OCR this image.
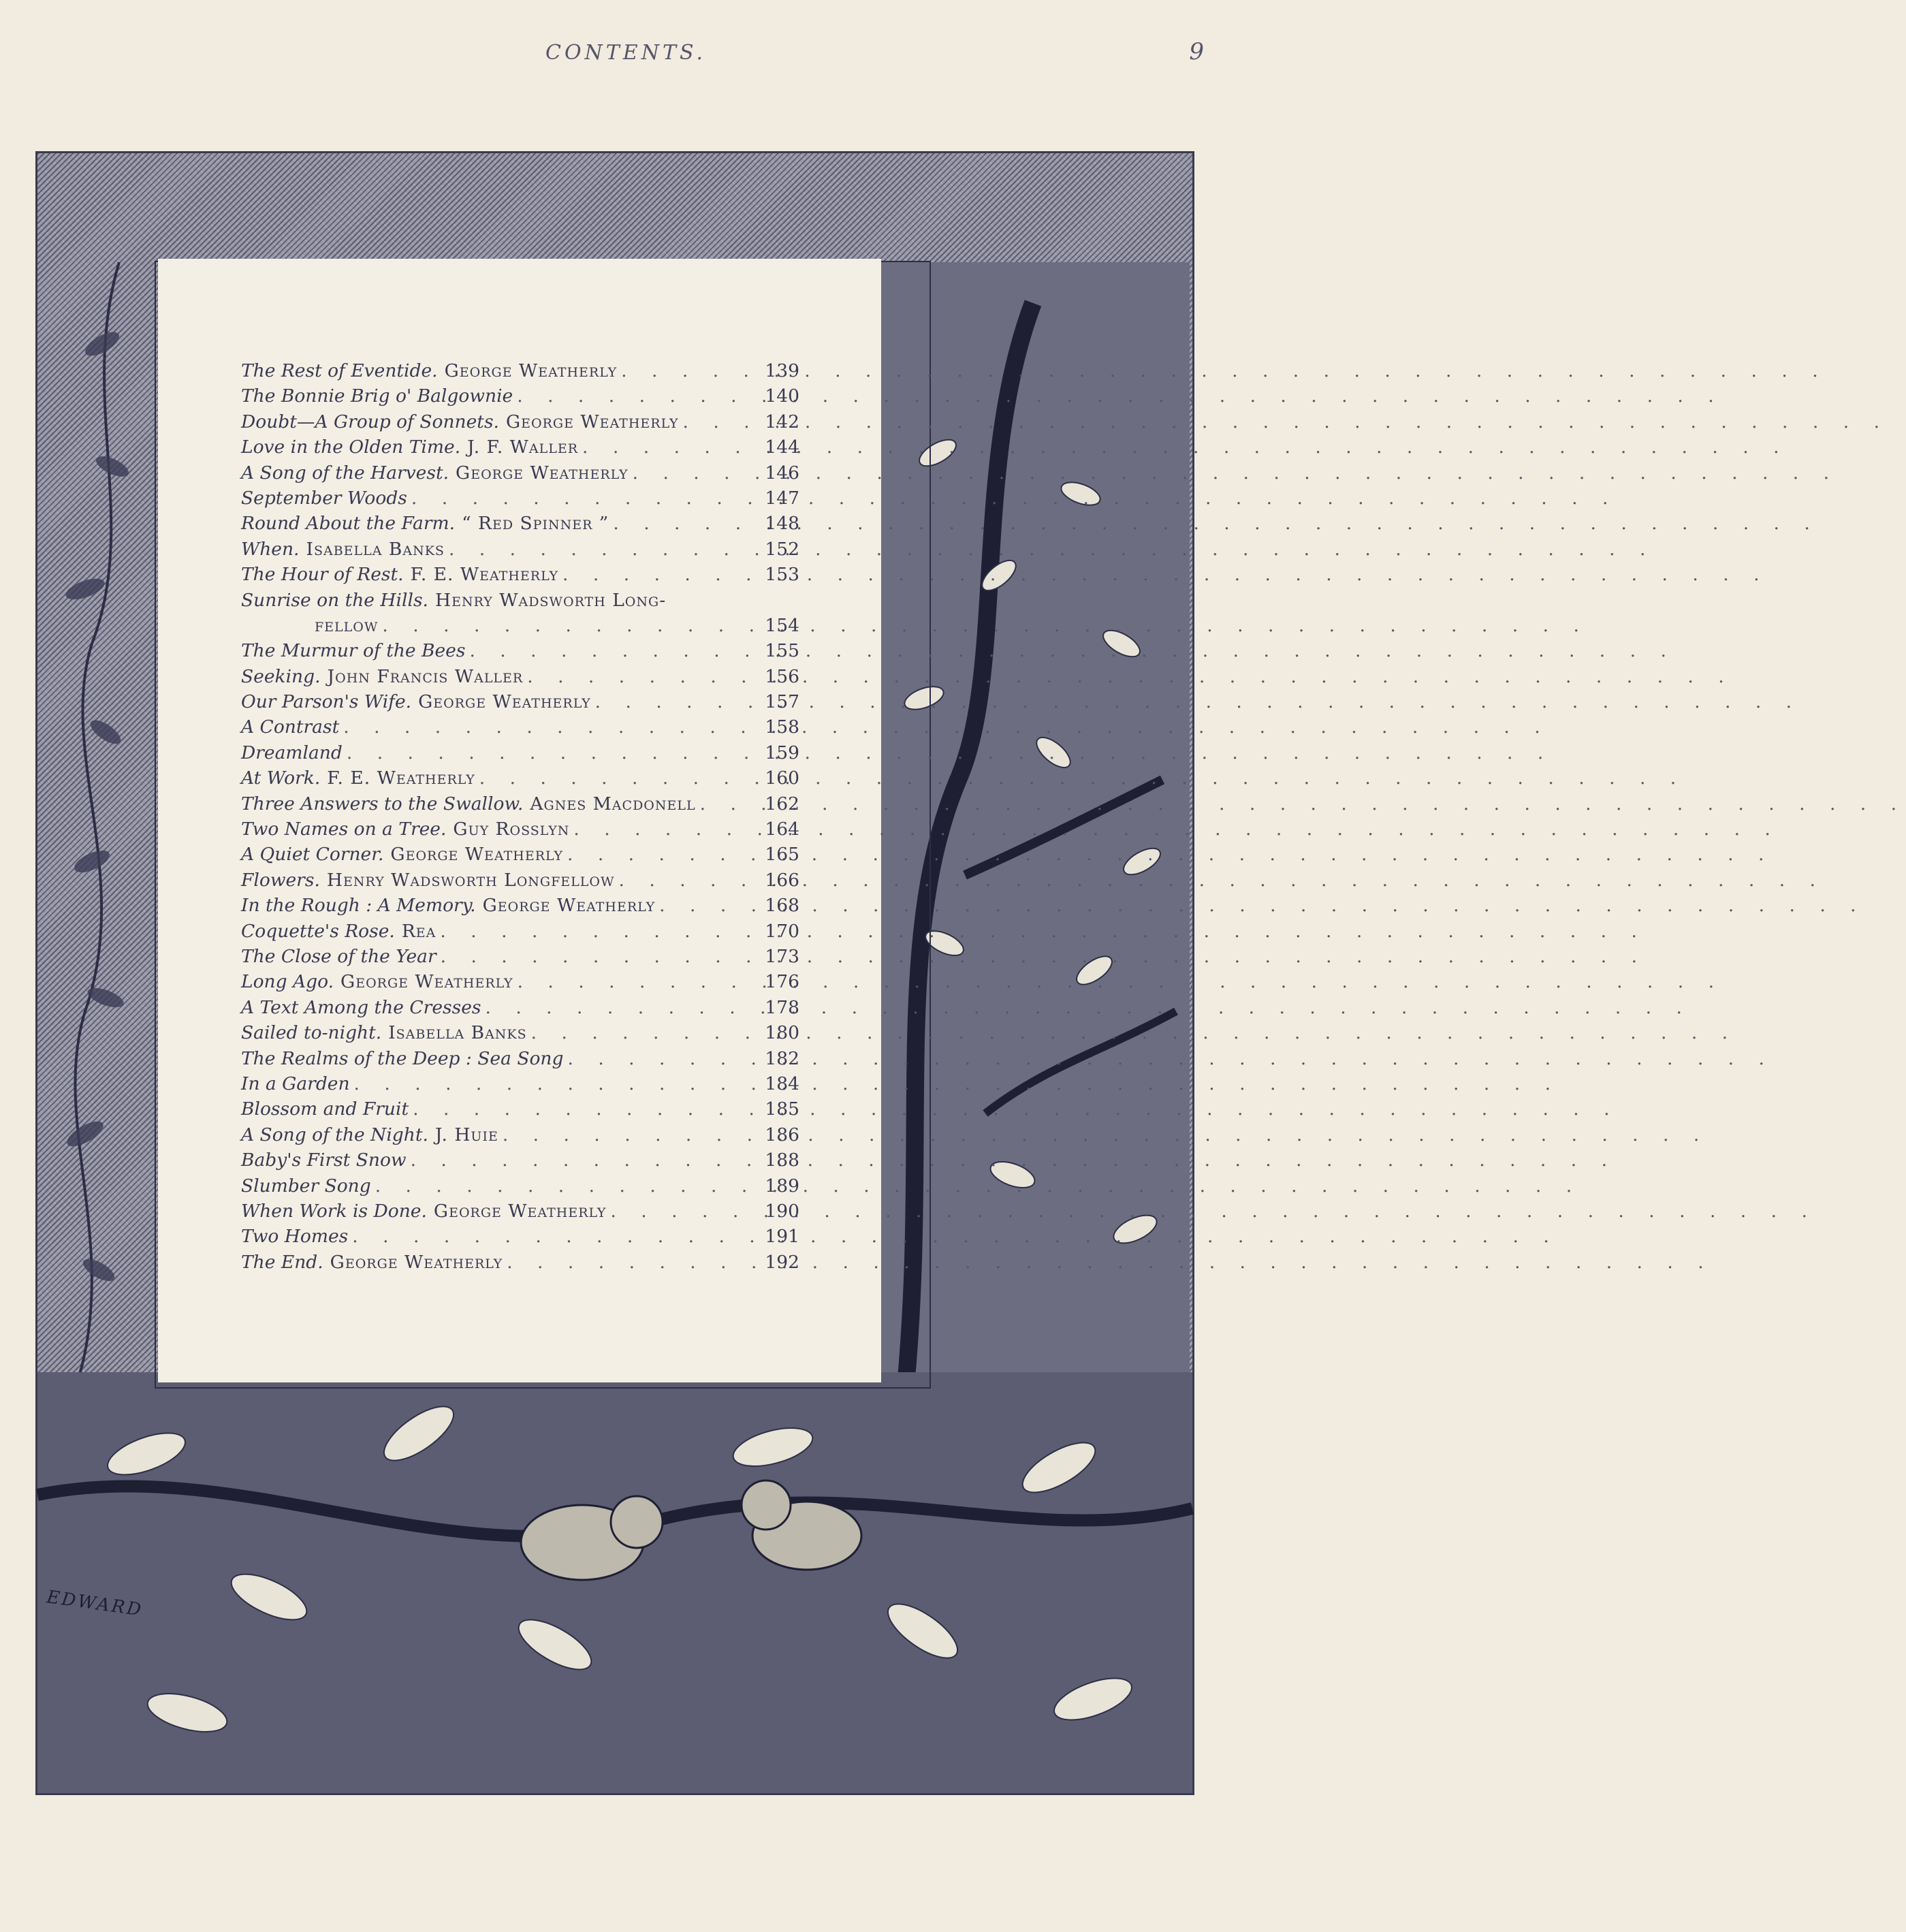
CONTENTS.	9
The Rest of Eventide. George Weatherly . . .	139
The Bonnie Brig o' Balgownie . . .	140
Doubt—A Group of Sonnets. George Weatherly . . .	142
Love in the Olden Time. J. F. Waller . . .	144
A Song of the Harvest. George Weatherly . . .	146
September Woods . . .	147
Round About the Farm. “ Red Spinner ” . . .	148
When. Isabella Banks . . .	152
The Hour of Rest. F. E. Weatherly . . .	153
Sunrise on the Hills. Henry Wadsworth Long-
fellow . . .	154
The Murmur of the Bees . . .	155
Seeking. John Francis Waller . . .	156
Our Parson's Wife. George Weatherly . . .	157
A Contrast . . .	158
Dreamland . . .	159
At Work. F. E. Weatherly . . .	160
Three Answers to the Swallow. Agnes Macdonell . . .	162
Two Names on a Tree. Guy Rosslyn . . .	164
A Quiet Corner. George Weatherly . . .	165
Flowers. Henry Wadsworth Longfellow . . .	166
In the Rough : A Memory. George Weatherly . . .	168
Coquette's Rose. Rea . . .	170
The Close of the Year . . .	173
Long Ago. George Weatherly . . .	176
A Text Among the Cresses . . .	178
Sailed to-night. Isabella Banks . . .	180
The Realms of the Deep : Sea Song . . .	182
In a Garden . . .	184
Blossom and Fruit . . .	185
A Song of the Night. J. Huie . . .	186
Baby's First Snow . . .	188
Slumber Song . . .	189
When Work is Done. George Weatherly . . .	190
Two Homes . . .	191
The End. George Weatherly . . .	192
EDWARD
